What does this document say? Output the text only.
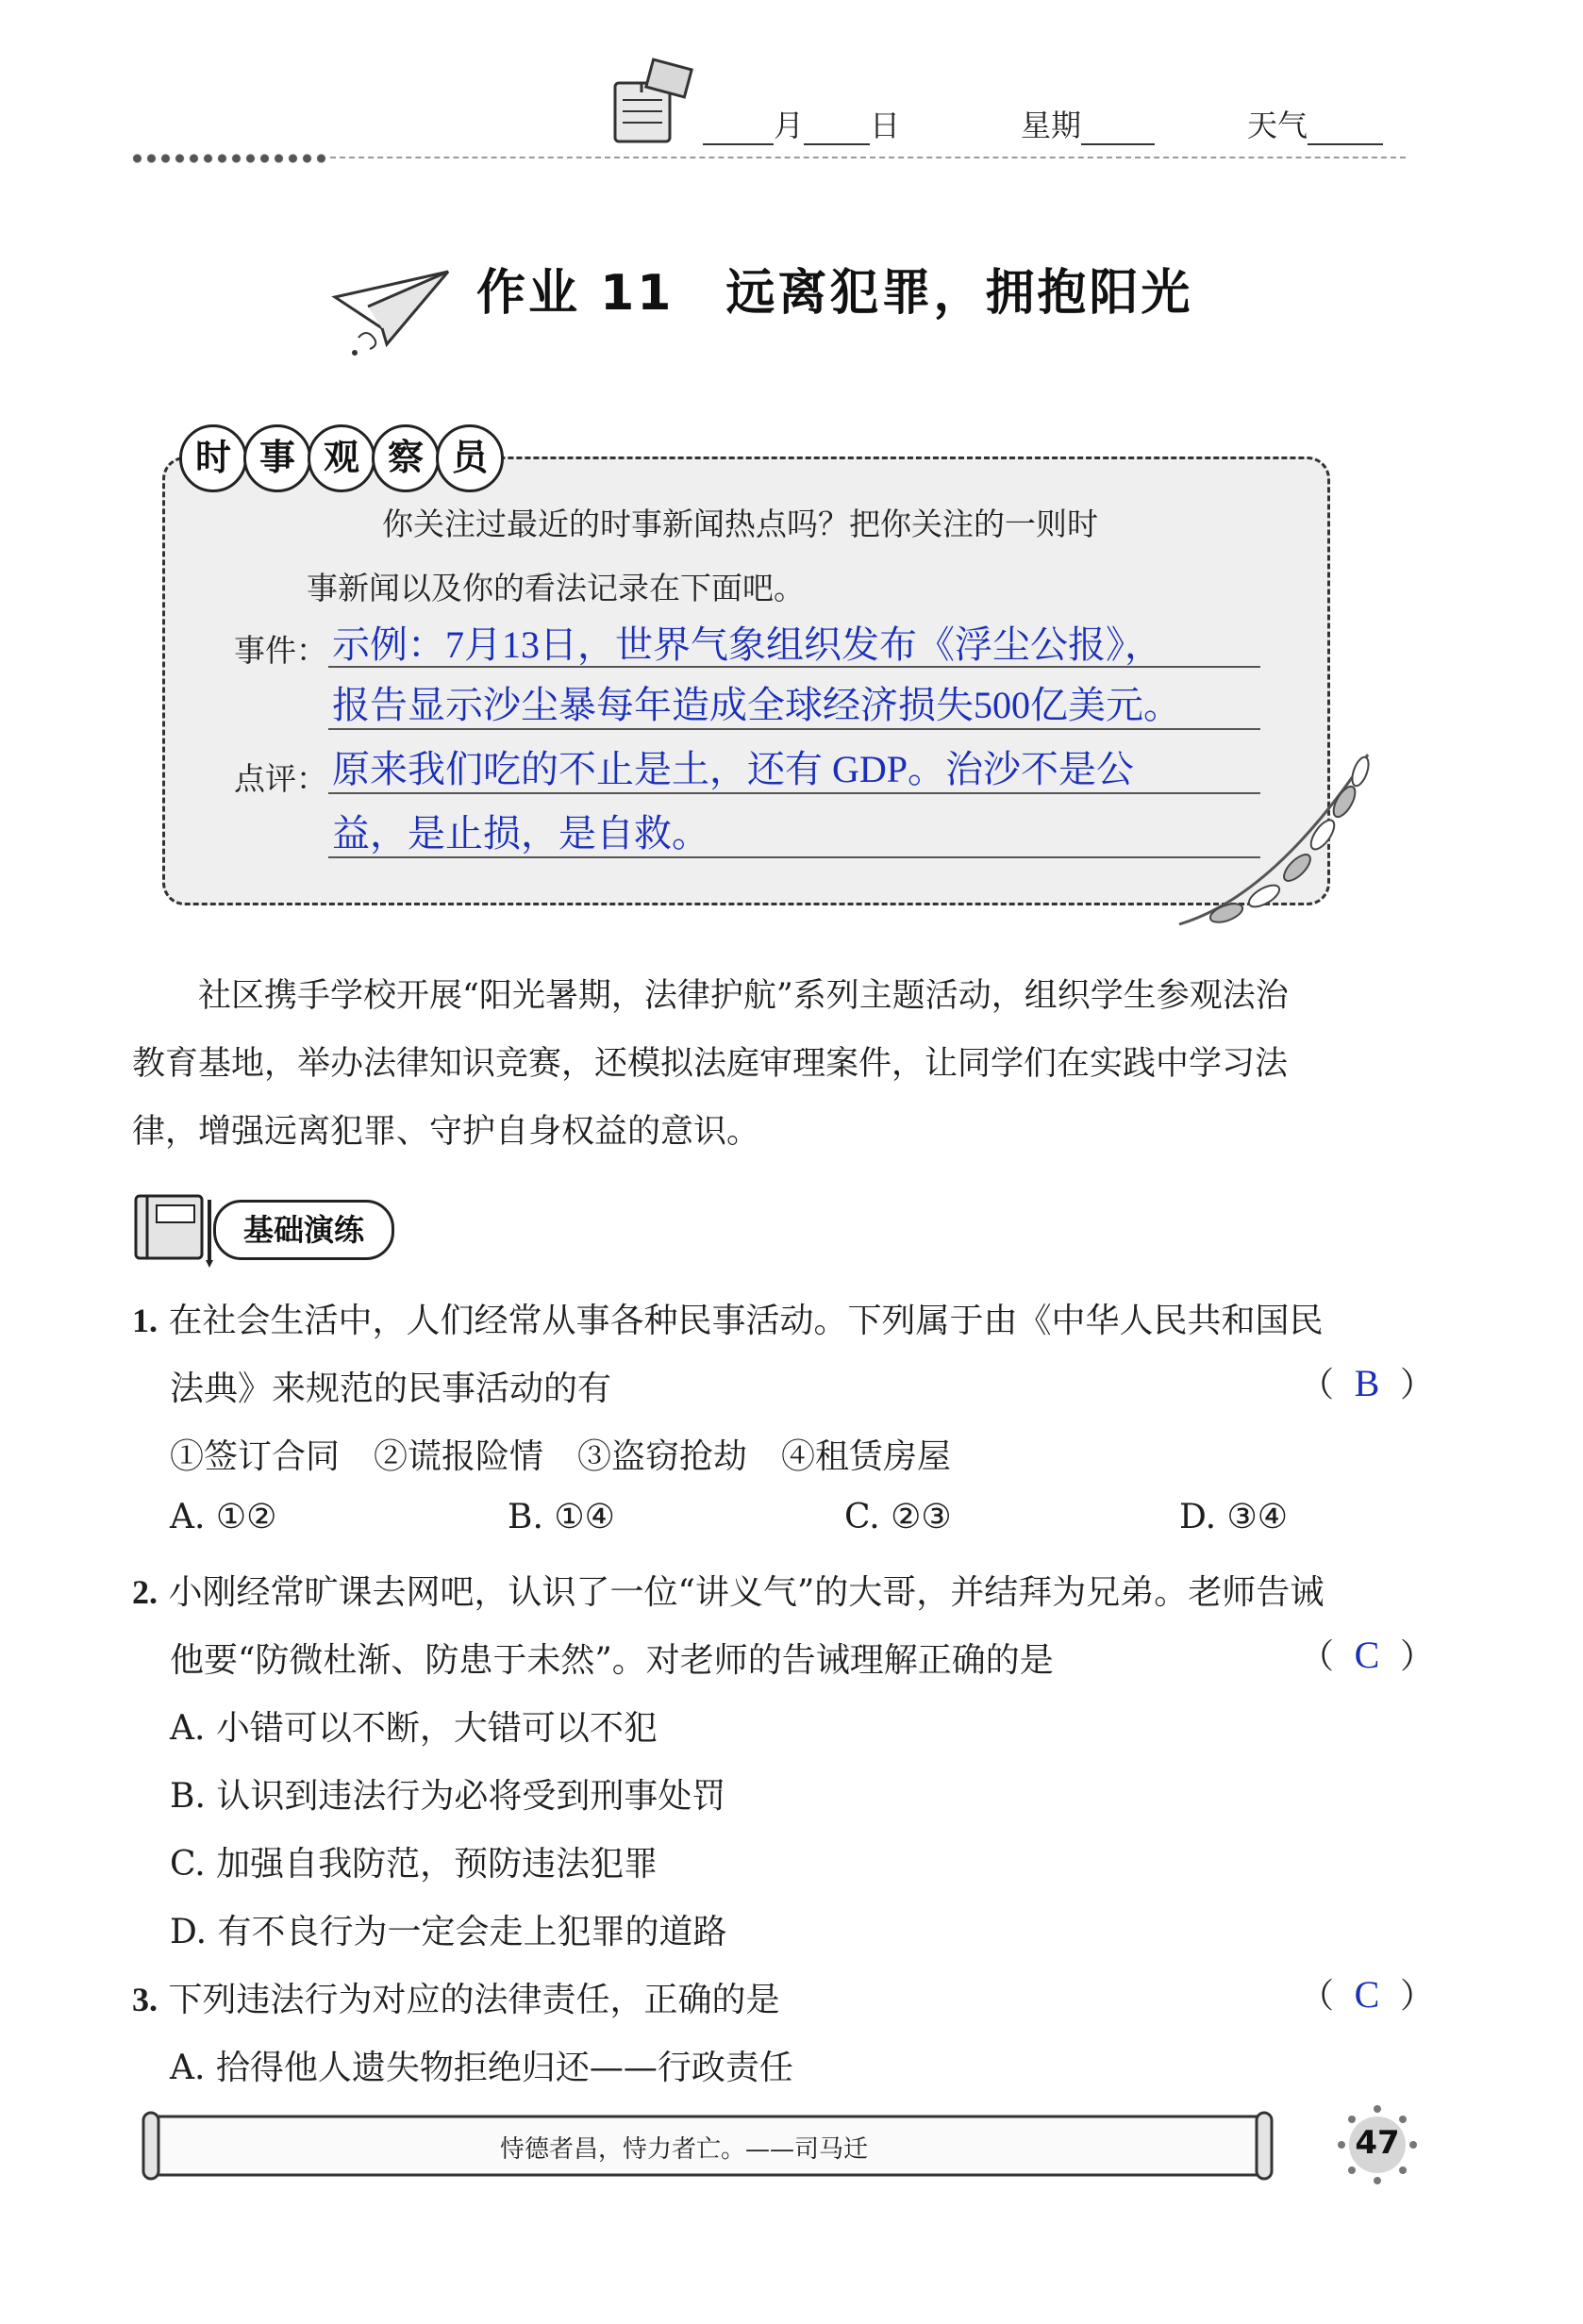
月 日	星期	天气
作业 11　远离犯罪，拥抱阳光
时 事 观 察 员
你关注过最近的时事新闻热点吗？把你关注的一则时
事新闻以及你的看法记录在下面吧。
事件： 示例：7月13日，世界气象组织发布《浮尘公报》，
报告显示沙尘暴每年造成全球经济损失500亿美元。
点评： 原来我们吃的不止是土，还有 GDP。治沙不是公
益，是止损，是自救。
社区携手学校开展“阳光暑期，法律护航”系列主题活动，组织学生参观法治
教育基地，举办法律知识竞赛，还模拟法庭审理案件，让同学们在实践中学习法
律，增强远离犯罪、守护自身权益的意识。
基础演练
1. 在社会生活中，人们经常从事各种民事活动。下列属于由《中华人民共和国民
法典》来规范的民事活动的有	（ B ）
①签订合同　②谎报险情　③盗窃抢劫　④租赁房屋
A. ①②	B. ①④	C. ②③	D. ③④
2. 小刚经常旷课去网吧，认识了一位“讲义气”的大哥，并结拜为兄弟。老师告诫
他要“防微杜渐、防患于未然”。对老师的告诫理解正确的是	（ C ）
A. 小错可以不断，大错可以不犯
B. 认识到违法行为必将受到刑事处罚
C. 加强自我防范，预防违法犯罪
D. 有不良行为一定会走上犯罪的道路
3. 下列违法行为对应的法律责任，正确的是	（ C ）
A. 拾得他人遗失物拒绝归还——行政责任
恃德者昌，恃力者亡。——司马迁	47
